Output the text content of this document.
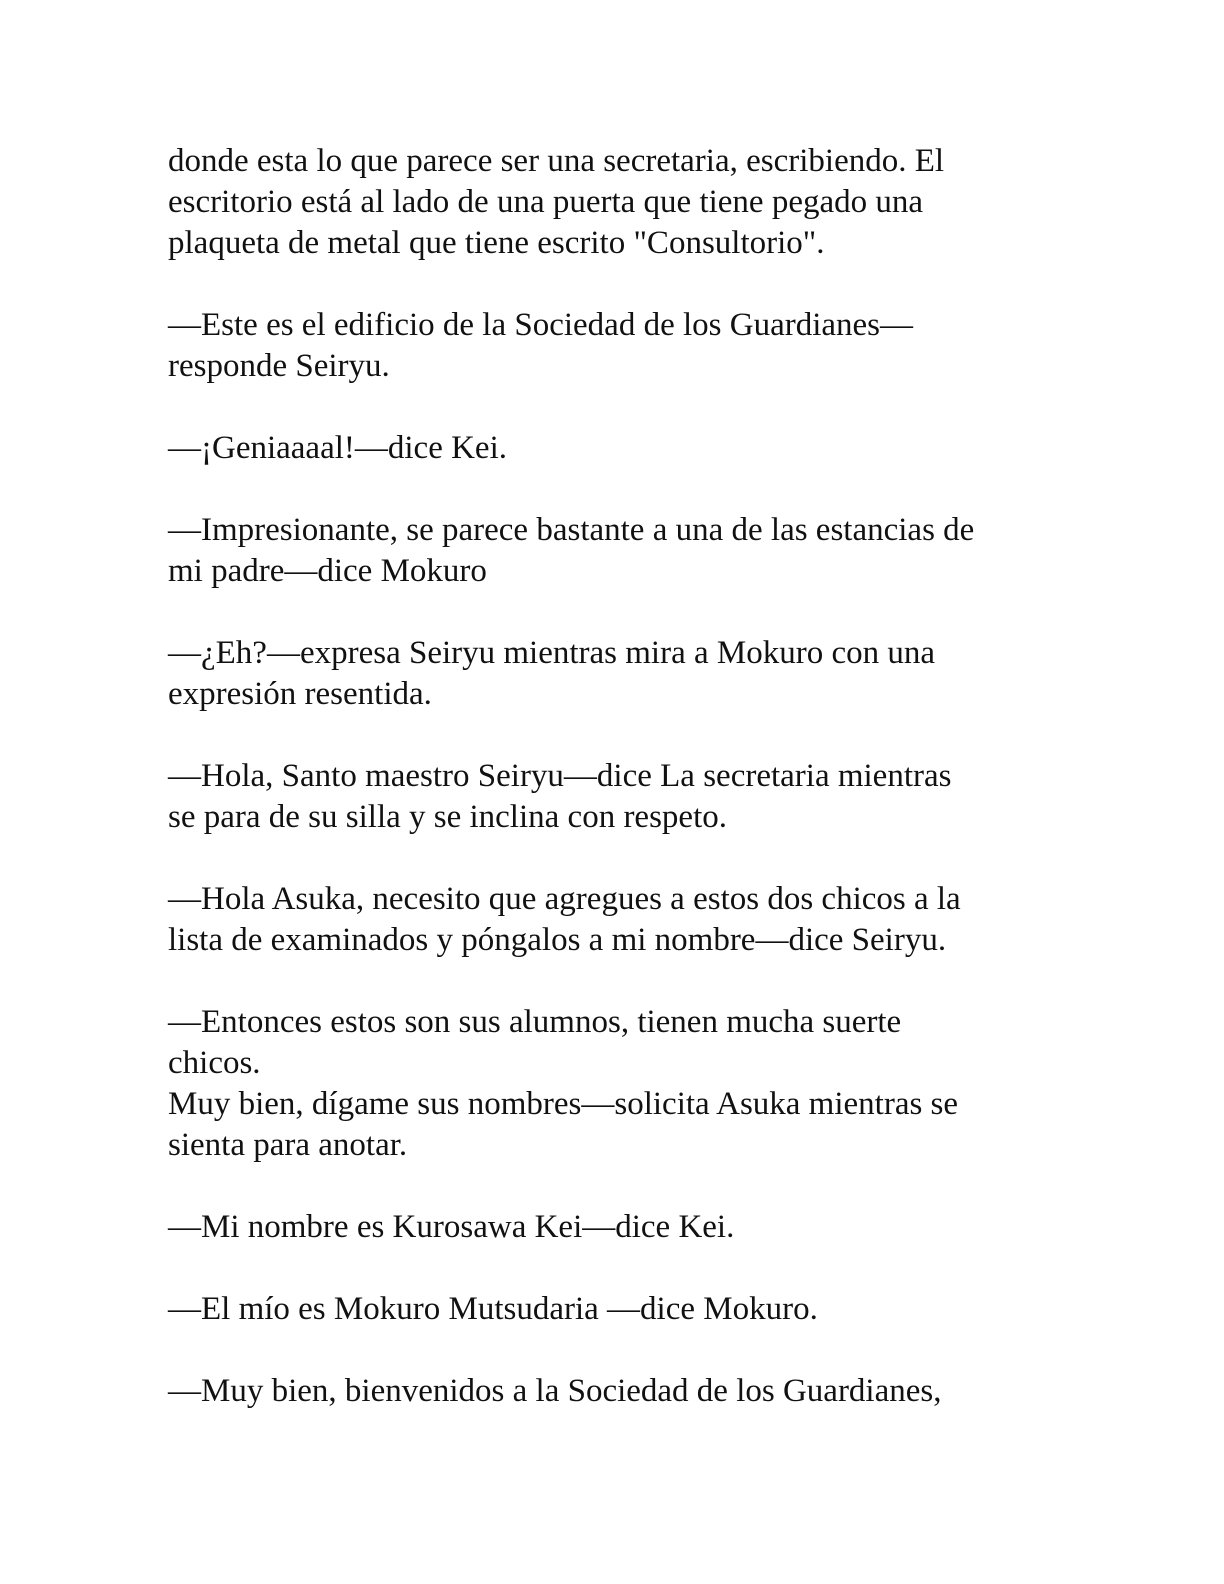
donde esta lo que parece ser una secretaria, escribiendo. El
escritorio está al lado de una puerta que tiene pegado una
plaqueta de metal que tiene escrito "Consultorio".

—Este es el edificio de la Sociedad de los Guardianes—
responde Seiryu.

—¡Geniaaaal!—dice Kei.

—Impresionante, se parece bastante a una de las estancias de
mi padre—dice Mokuro

—¿Eh?—expresa Seiryu mientras mira a Mokuro con una
expresión resentida.

—Hola, Santo maestro Seiryu—dice La secretaria mientras
se para de su silla y se inclina con respeto.

—Hola Asuka, necesito que agregues a estos dos chicos a la
lista de examinados y póngalos a mi nombre—dice Seiryu.

—Entonces estos son sus alumnos, tienen mucha suerte
chicos.
Muy bien, dígame sus nombres—solicita Asuka mientras se
sienta para anotar.

—Mi nombre es Kurosawa Kei—dice Kei.

—El mío es Mokuro Mutsudaria —dice Mokuro.

—Muy bien, bienvenidos a la Sociedad de los Guardianes,
